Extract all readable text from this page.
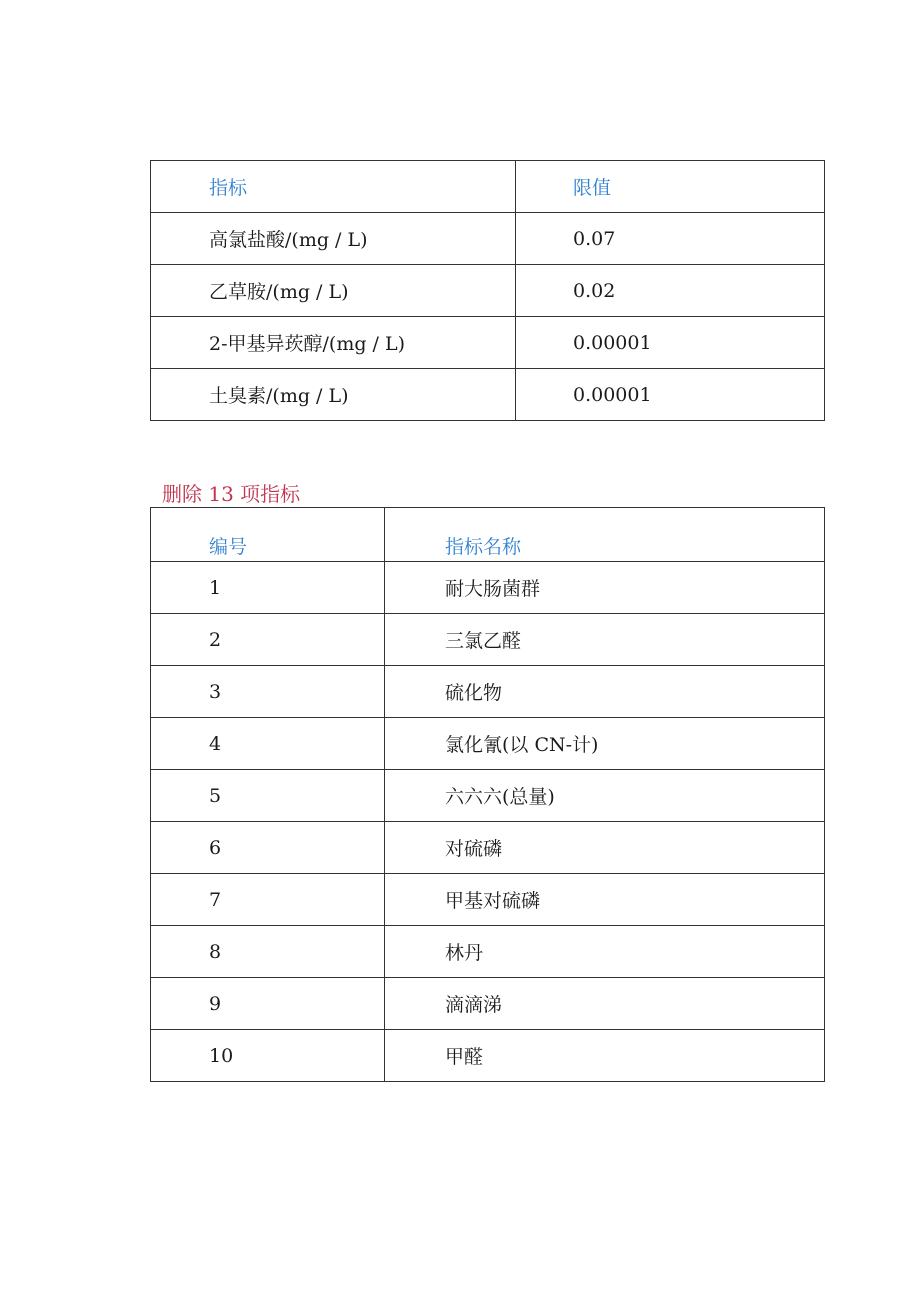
指标	限值
高氯盐酸/(mg / L)	0.07
乙草胺/(mg / L)	0.02
2-甲基异莰醇/(mg / L)	0.00001
土臭素/(mg / L)	0.00001
删除 13 项指标
编号	指标名称
1	耐大肠菌群
2	三氯乙醛
3	硫化物
4	氯化氰(以 CN-计)
5	六六六(总量)
6	对硫磷
7	甲基对硫磷
8	林丹
9	滴滴涕
10	甲醛
